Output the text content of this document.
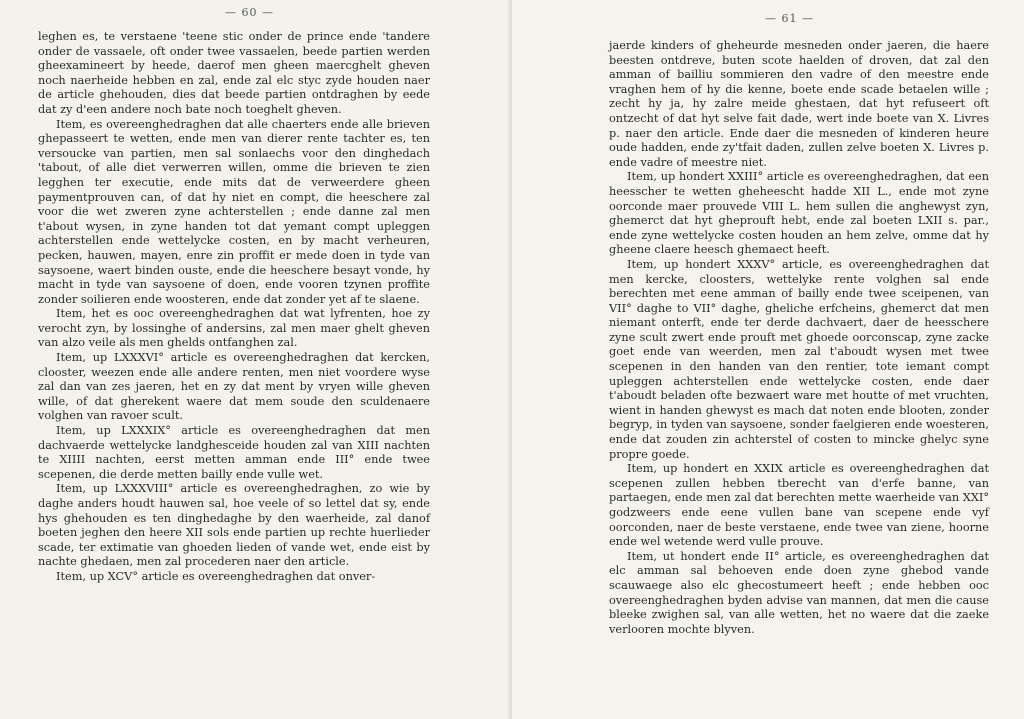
— 60 —

leghen es, te verstaene 'teene stic onder de prince ende 'tandere onder de vassaele, oft onder twee vassaelen, beede partien werden gheexamineert by heede, daerof men gheen maercghelt gheven noch naerheide hebben en zal, ende zal elc styc zyde houden naer de article ghehouden, dies dat beede partien ontdraghen by eede dat zy d'een andere noch bate noch toeghelt gheven.

Item, es overeenghedraghen dat alle chaerters ende alle brieven ghepasseert te wetten, ende men van dierer rente tachter es, ten versoucke van partien, men sal sonlaechs voor den dinghedach 'tabout, of alle diet verwerren willen, omme die brieven te zien legghen ter executie, ende mits dat de verweerdere gheen paymentprouven can, of dat hy niet en compt, die heeschere zal voor die wet zweren zyne achterstellen ; ende danne zal men t'about wysen, in zyne handen tot dat yemant compt upleggen achterstellen ende wettelycke costen, en by macht verheuren, pecken, hauwen, mayen, enre zin proffit er mede doen in tyde van saysoene, waert binden ouste, ende die heeschere besayt vonde, hy macht in tyde van saysoene of doen, ende vooren tzynen proffite zonder soilieren ende woosteren, ende dat zonder yet af te slaene.

Item, het es ooc overeenghedraghen dat wat lyfrenten, hoe zy verocht zyn, by lossinghe of andersins, zal men maer ghelt gheven van alzo veile als men ghelds ontfanghen zal.

Item, up LXXXVI° article es overeenghedraghen dat kercken, clooster, weezen ende alle andere renten, men niet voordere wyse zal dan van zes jaeren, het en zy dat ment by vryen wille gheven wille, of dat gherekent waere dat mem soude den sculdenaere volghen van ravoer scult.

Item, up LXXXIX° article es overeenghedraghen dat men dachvaerde wettelycke landghesceide houden zal van XIII nachten te XIIII nachten, eerst metten amman ende III° ende twee scepenen, die derde metten bailly ende vulle wet.

Item, up LXXXVIII° article es overeenghedraghen, zo wie by daghe anders houdt hauwen sal, hoe veele of so lettel dat sy, ende hys ghehouden es ten dinghedaghe by den waerheide, zal danof boeten jeghen den heere XII sols ende partien up rechte huerlieder scade, ter extimatie van ghoeden lieden of vande wet, ende eist by nachte ghedaen, men zal procederen naer den article.

Item, up XCV° article es overeenghedraghen dat onver-

— 61 —

jaerde kinders of gheheurde mesneden onder jaeren, die haere beesten ontdreve, buten scote haelden of droven, dat zal den amman of bailliu sommieren den vadre of den meestre ende vraghen hem of hy die kenne, boete ende scade betaelen wille ; zecht hy ja, hy zalre meide ghestaen, dat hyt refuseert oft ontzecht of dat hyt selve fait dade, wert inde boete van X. Livres p. naer den article. Ende daer die mesneden of kinderen heure oude hadden, ende zy'tfait daden, zullen zelve boeten X. Livres p. ende vadre of meestre niet.

Item, up hondert XXIII° article es overeenghedraghen, dat een heesscher te wetten gheheescht hadde XII L., ende mot zyne oorconde maer prouvede VIII L. hem sullen die anghewyst zyn, ghemerct dat hyt gheprouft hebt, ende zal boeten LXII s. par., ende zyne wettelycke costen houden an hem zelve, omme dat hy gheene claere heesch ghemaect heeft.

Item, up hondert XXXV° article, es overeenghedraghen dat men kercke, cloosters, wettelyke rente volghen sal ende berechten met eene amman of bailly ende twee sceipenen, van VII° daghe to VII° daghe, gheliche erfcheins, ghemerct dat men niemant onterft, ende ter derde dachvaert, daer de heesschere zyne scult zwert ende prouft met ghoede oorconscap, zyne zacke goet ende van weerden, men zal t'aboudt wysen met twee scepenen in den handen van den rentier, tote iemant compt upleggen achterstellen ende wettelycke costen, ende daer t'aboudt beladen ofte bezwaert ware met houtte of met vruchten, wient in handen ghewyst es mach dat noten ende blooten, zonder begryp, in tyden van saysoene, sonder faelgieren ende woesteren, ende dat zouden zin achterstel of costen to mincke ghelyc syne propre goede.

Item, up hondert en XXIX article es overeenghedraghen dat scepenen zullen hebben tberecht van d'erfe banne, van partaegen, ende men zal dat berechten mette waerheide van XXI° godzweers ende eene vullen bane van scepene ende vyf oorconden, naer de beste verstaene, ende twee van ziene, hoorne ende wel wetende werd vulle prouve.

Item, ut hondert ende II° article, es overeenghedraghen dat elc amman sal behoeven ende doen zyne ghebod vande scauwaege also elc ghecostumeert heeft ; ende hebben ooc overeenghedraghen byden advise van mannen, dat men die cause bleeke zwighen sal, van alle wetten, het no waere dat die zaeke verlooren mochte blyven.
